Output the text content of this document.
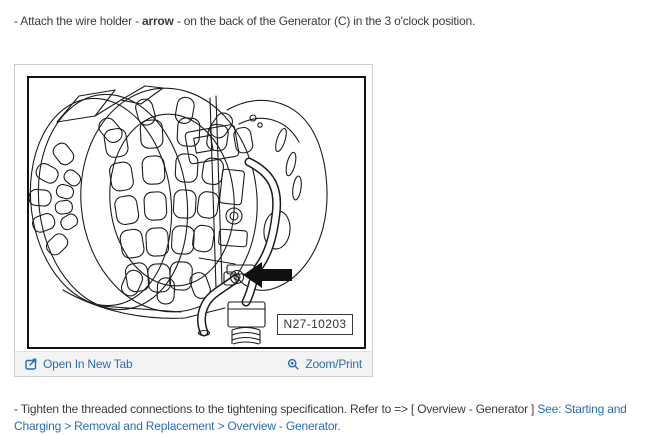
- Attach the wire holder - arrow - on the back of the Generator (C) in the 3 o'clock position.

N27-10203
Open In New Tab	Zoom/Print

- Tighten the threaded connections to the tightening specification. Refer to => [ Overview - Generator ] See: Starting and Charging > Removal and Replacement > Overview - Generator.
